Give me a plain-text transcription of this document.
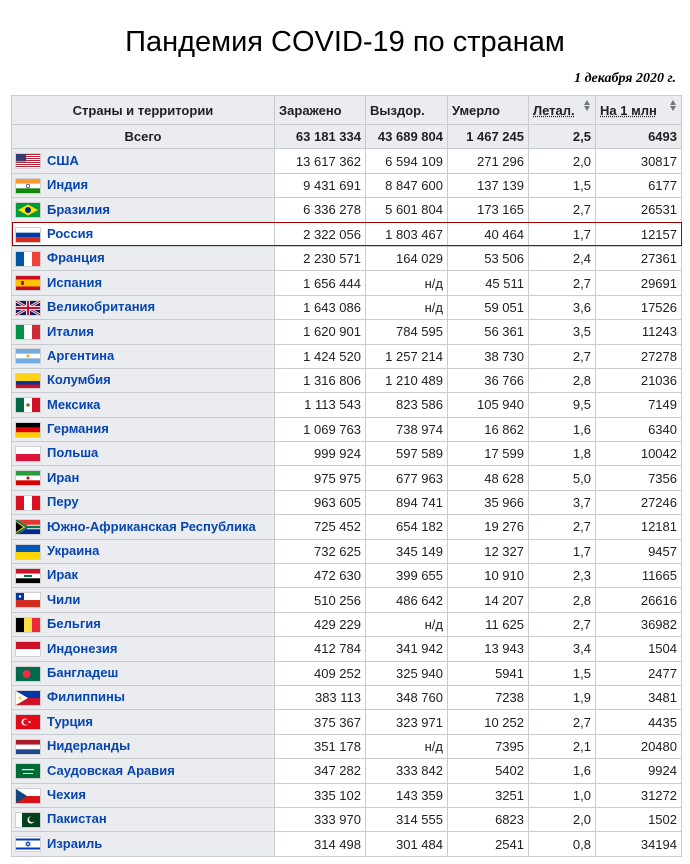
Пандемия COVID-19 по странам
1 декабря 2020 г.
Страны и территории	Заражено	Выздор.	Умерло	Летал.	На 1 млн
Всего	63 181 334	43 689 804	1 467 245	2,5	6493
США	13 617 362	6 594 109	271 296	2,0	30817
Индия	9 431 691	8 847 600	137 139	1,5	6177
Бразилия	6 336 278	5 601 804	173 165	2,7	26531
Россия	2 322 056	1 803 467	40 464	1,7	12157
Франция	2 230 571	164 029	53 506	2,4	27361
Испания	1 656 444	н/д	45 511	2,7	29691
Великобритания	1 643 086	н/д	59 051	3,6	17526
Италия	1 620 901	784 595	56 361	3,5	11243
Аргентина	1 424 520	1 257 214	38 730	2,7	27278
Колумбия	1 316 806	1 210 489	36 766	2,8	21036
Мексика	1 113 543	823 586	105 940	9,5	7149
Германия	1 069 763	738 974	16 862	1,6	6340
Польша	999 924	597 589	17 599	1,8	10042
Иран	975 975	677 963	48 628	5,0	7356
Перу	963 605	894 741	35 966	3,7	27246
Южно-Африканская Республика	725 452	654 182	19 276	2,7	12181
Украина	732 625	345 149	12 327	1,7	9457
Ирак	472 630	399 655	10 910	2,3	11665
Чили	510 256	486 642	14 207	2,8	26616
Бельгия	429 229	н/д	11 625	2,7	36982
Индонезия	412 784	341 942	13 943	3,4	1504
Бангладеш	409 252	325 940	5941	1,5	2477
Филиппины	383 113	348 760	7238	1,9	3481
Турция	375 367	323 971	10 252	2,7	4435
Нидерланды	351 178	н/д	7395	2,1	20480
Саудовская Аравия	347 282	333 842	5402	1,6	9924
Чехия	335 102	143 359	3251	1,0	31272
Пакистан	333 970	314 555	6823	2,0	1502
Израиль	314 498	301 484	2541	0,8	34194
